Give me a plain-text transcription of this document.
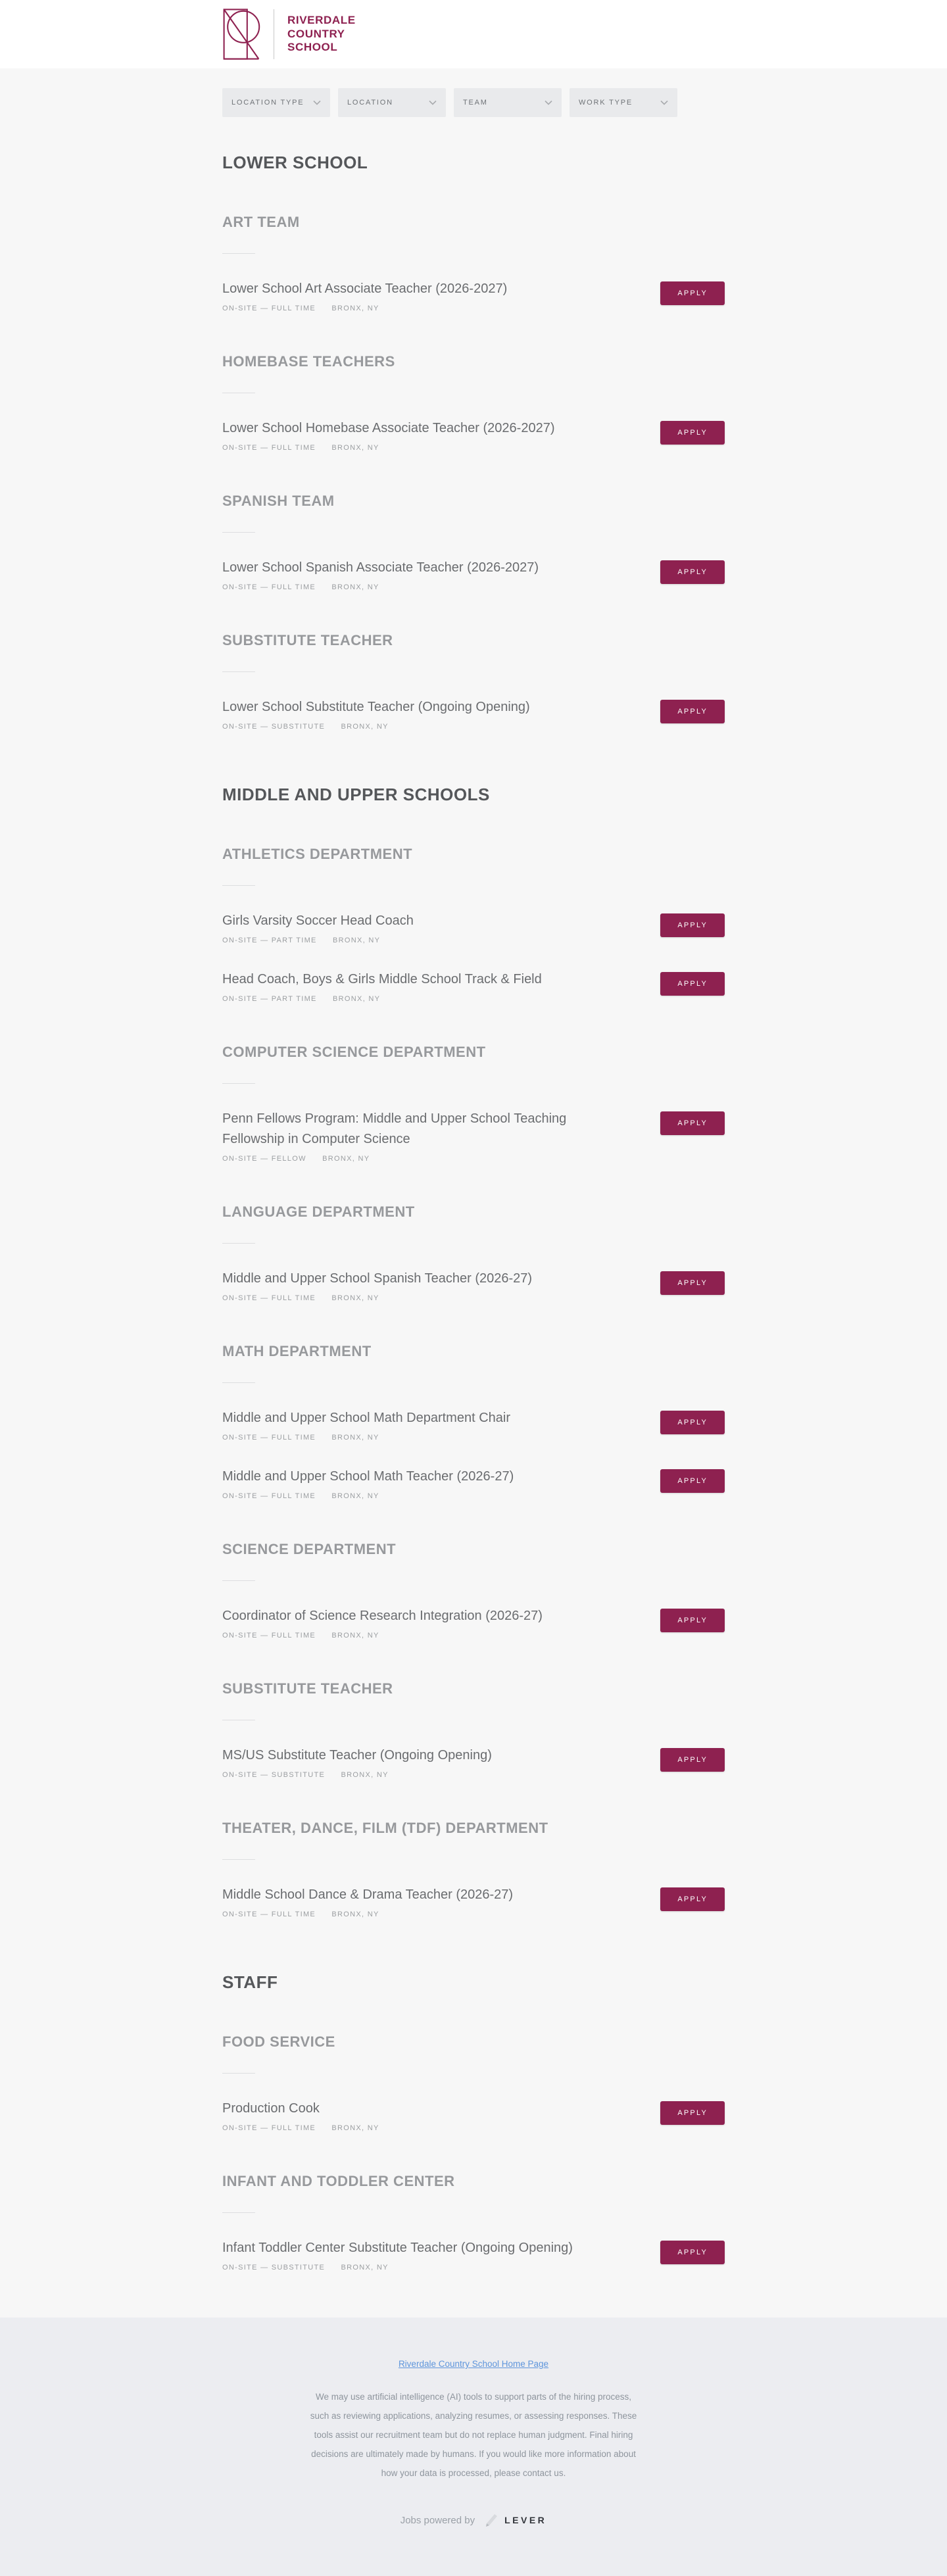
RIVERDALE
COUNTRY
SCHOOL
LOCATION TYPE	LOCATION	TEAM	WORK TYPE
LOWER SCHOOL
ART TEAM
Lower School Art Associate Teacher (2026-2027)
ON-SITE — FULL TIME BRONX, NY
APPLY
HOMEBASE TEACHERS
Lower School Homebase Associate Teacher (2026-2027)
ON-SITE — FULL TIME BRONX, NY
APPLY
SPANISH TEAM
Lower School Spanish Associate Teacher (2026-2027)
ON-SITE — FULL TIME BRONX, NY
APPLY
SUBSTITUTE TEACHER
Lower School Substitute Teacher (Ongoing Opening)
ON-SITE — SUBSTITUTE BRONX, NY
APPLY
MIDDLE AND UPPER SCHOOLS
ATHLETICS DEPARTMENT
Girls Varsity Soccer Head Coach
ON-SITE — PART TIME BRONX, NY
APPLY
Head Coach, Boys & Girls Middle School Track & Field
ON-SITE — PART TIME BRONX, NY
APPLY
COMPUTER SCIENCE DEPARTMENT
Penn Fellows Program: Middle and Upper School Teaching Fellowship in Computer Science
ON-SITE — FELLOW BRONX, NY
APPLY
LANGUAGE DEPARTMENT
Middle and Upper School Spanish Teacher (2026-27)
ON-SITE — FULL TIME BRONX, NY
APPLY
MATH DEPARTMENT
Middle and Upper School Math Department Chair
ON-SITE — FULL TIME BRONX, NY
APPLY
Middle and Upper School Math Teacher (2026-27)
ON-SITE — FULL TIME BRONX, NY
APPLY
SCIENCE DEPARTMENT
Coordinator of Science Research Integration (2026-27)
ON-SITE — FULL TIME BRONX, NY
APPLY
SUBSTITUTE TEACHER
MS/US Substitute Teacher (Ongoing Opening)
ON-SITE — SUBSTITUTE BRONX, NY
APPLY
THEATER, DANCE, FILM (TDF) DEPARTMENT
Middle School Dance & Drama Teacher (2026-27)
ON-SITE — FULL TIME BRONX, NY
APPLY
STAFF
FOOD SERVICE
Production Cook
ON-SITE — FULL TIME BRONX, NY
APPLY
INFANT AND TODDLER CENTER
Infant Toddler Center Substitute Teacher (Ongoing Opening)
ON-SITE — SUBSTITUTE BRONX, NY
APPLY
Riverdale Country School Home Page

We may use artificial intelligence (AI) tools to support parts of the hiring process, such as reviewing applications, analyzing resumes, or assessing responses. These tools assist our recruitment team but do not replace human judgment. Final hiring decisions are ultimately made by humans. If you would like more information about how your data is processed, please contact us.

Jobs powered by	LEVER
